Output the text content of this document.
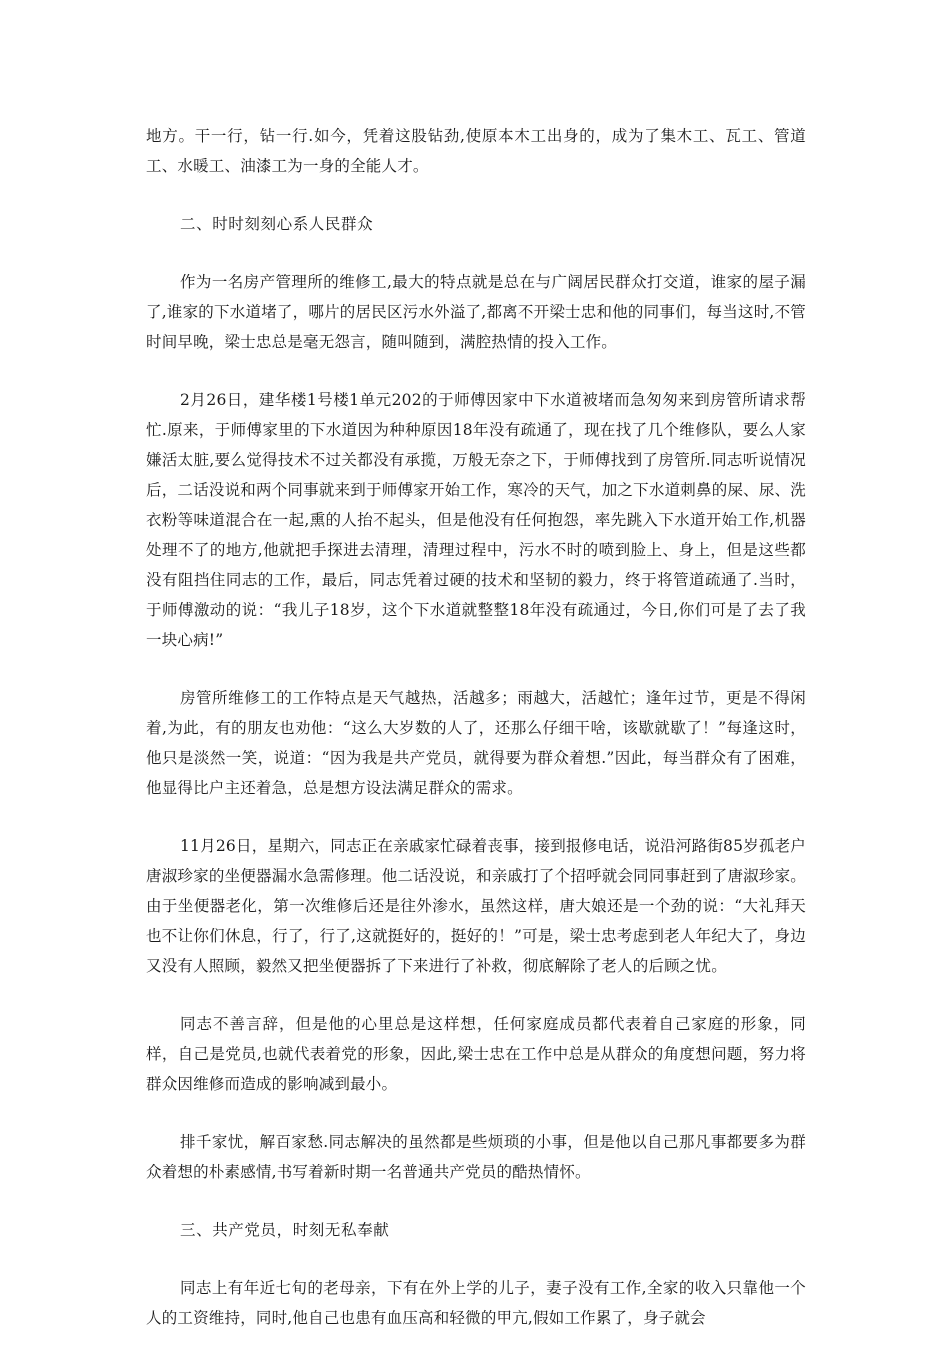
地方。干一行，钻一行.如今，凭着这股钻劲,使原本木工出身的，成为了集木工、瓦工、管道工、水暖工、油漆工为一身的全能人才。

二、时时刻刻心系人民群众

作为一名房产管理所的维修工,最大的特点就是总在与广阔居民群众打交道，谁家的屋子漏了,谁家的下水道堵了，哪片的居民区污水外溢了,都离不开梁士忠和他的同事们，每当这时,不管时间早晚，梁士忠总是毫无怨言，随叫随到，满腔热情的投入工作。

2月26日，建华楼1号楼1单元202的于师傅因家中下水道被堵而急匆匆来到房管所请求帮忙.原来，于师傅家里的下水道因为种种原因18年没有疏通了，现在找了几个维修队，要么人家嫌活太脏,要么觉得技术不过关都没有承揽，万般无奈之下，于师傅找到了房管所.同志听说情况后，二话没说和两个同事就来到于师傅家开始工作，寒冷的天气，加之下水道刺鼻的屎、尿、洗衣粉等味道混合在一起,熏的人抬不起头，但是他没有任何抱怨，率先跳入下水道开始工作,机器处理不了的地方,他就把手探进去清理，清理过程中，污水不时的喷到脸上、身上，但是这些都没有阻挡住同志的工作，最后，同志凭着过硬的技术和坚韧的毅力，终于将管道疏通了.当时，于师傅激动的说：“我儿子18岁，这个下水道就整整18年没有疏通过，今日,你们可是了去了我一块心病!”

房管所维修工的工作特点是天气越热，活越多；雨越大，活越忙；逢年过节，更是不得闲着,为此，有的朋友也劝他：“这么大岁数的人了，还那么仔细干啥，该歇就歇了！”每逢这时，他只是淡然一笑，说道：“因为我是共产党员，就得要为群众着想.”因此，每当群众有了困难，他显得比户主还着急，总是想方设法满足群众的需求。

11月26日，星期六，同志正在亲戚家忙碌着丧事，接到报修电话，说沿河路街85岁孤老户唐淑珍家的坐便器漏水急需修理。他二话没说，和亲戚打了个招呼就会同同事赶到了唐淑珍家。由于坐便器老化，第一次维修后还是往外渗水，虽然这样，唐大娘还是一个劲的说：“大礼拜天也不让你们休息，行了，行了,这就挺好的，挺好的！”可是，梁士忠考虑到老人年纪大了，身边又没有人照顾，毅然又把坐便器拆了下来进行了补救，彻底解除了老人的后顾之忧。

同志不善言辞，但是他的心里总是这样想，任何家庭成员都代表着自己家庭的形象，同样，自己是党员,也就代表着党的形象，因此,梁士忠在工作中总是从群众的角度想问题，努力将群众因维修而造成的影响减到最小。

排千家忧，解百家愁.同志解决的虽然都是些烦琐的小事，但是他以自己那凡事都要多为群众着想的朴素感情,书写着新时期一名普通共产党员的酷热情怀。

三、共产党员，时刻无私奉献

同志上有年近七旬的老母亲，下有在外上学的儿子，妻子没有工作,全家的收入只靠他一个人的工资维持，同时,他自己也患有血压高和轻微的甲亢,假如工作累了，身子就会
